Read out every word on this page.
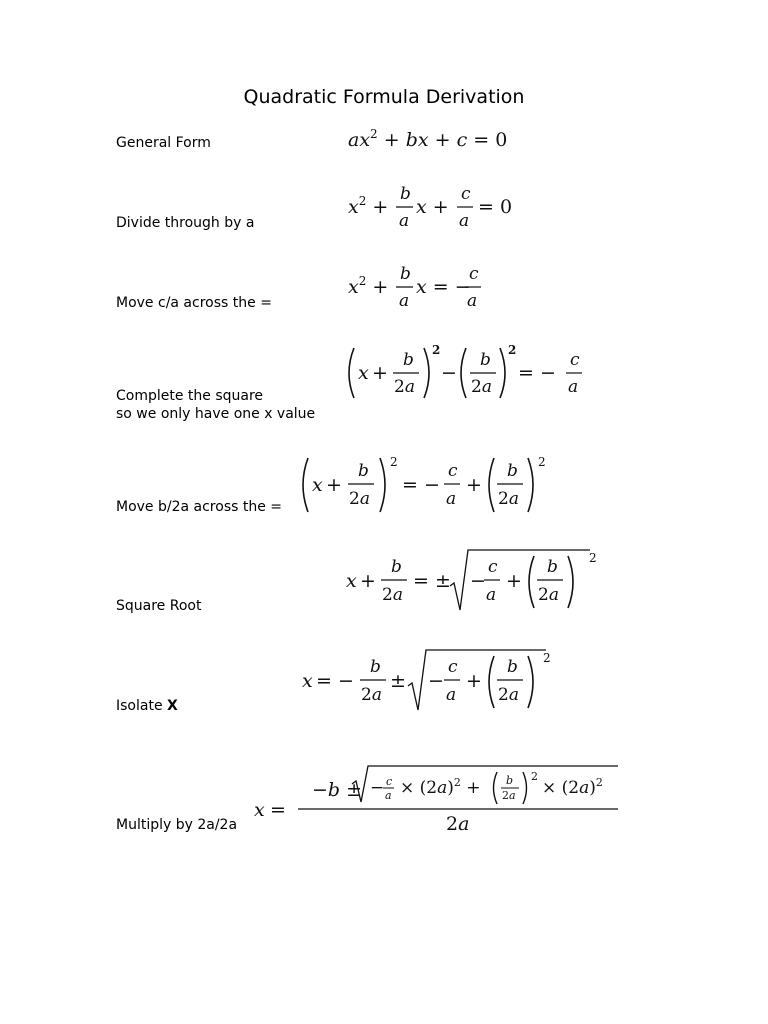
Quadratic Formula Derivation
General Form
Divide through by a
Move c/a across the =
Complete the square
so we only have one x value
Move b/2a across the =
Square Root
Isolate X
Multiply by 2a/2a
$ax^2$ + bx + c = 0
$x^2$ +
b
a
x +
c
a
= 0
$x^2$ +
b
a
x = −
c
a
x +
b
2a
2
−
b
2a
2
= −
c
a
x +
b
2a
2
= −
c
a
+
b
2a
2
x +
b
2a
= ± −
c
a
+
b
2a
2
x = −
b
2a
± −
c
a
+
b
2a
2
x =
−b ± − c
$a \times (2a)^2 + b$
2a
2
× $(2a)^2$
2a
